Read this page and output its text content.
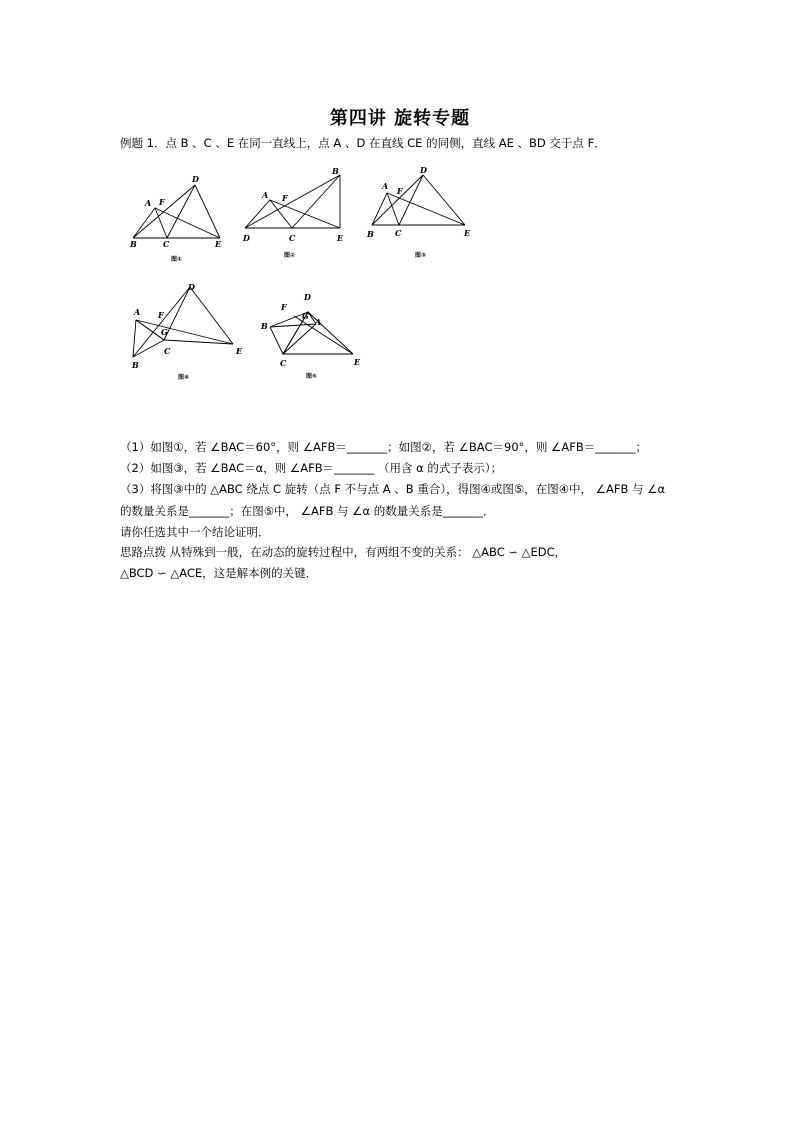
第四讲 旋转专题
例题 1．点 B 、C 、E 在同一直线上，点 A 、D 在直线 CE 的同侧，直线 AE 、BD 交于点 F．
A F
D
B	C	E
图①
A F
B
D	C	E
图②
A F
D
B	C	E
图③
A F
G
D
B
C	E
图④
F
D
G
A
B
C	E
图⑤
（1）如图①，若 ∠BAC＝60°，则 ∠AFB＝_______；如图②，若 ∠BAC＝90°，则 ∠AFB＝_______；
（2）如图③，若 ∠BAC＝α，则 ∠AFB＝_______ （用含 α 的式子表示）；
（3）将图③中的 △ABC 绕点 C 旋转（点 F 不与点 A 、B 重合），得图④或图⑤，在图④中， ∠AFB 与 ∠α
的数量关系是_______；在图⑤中， ∠AFB 与 ∠α 的数量关系是_______．
请你任选其中一个结论证明．
思路点拨 从特殊到一般，在动态的旋转过程中，有两组不变的关系： △ABC ∽ △EDC，
△BCD ∽ △ACE，这是解本例的关键．
